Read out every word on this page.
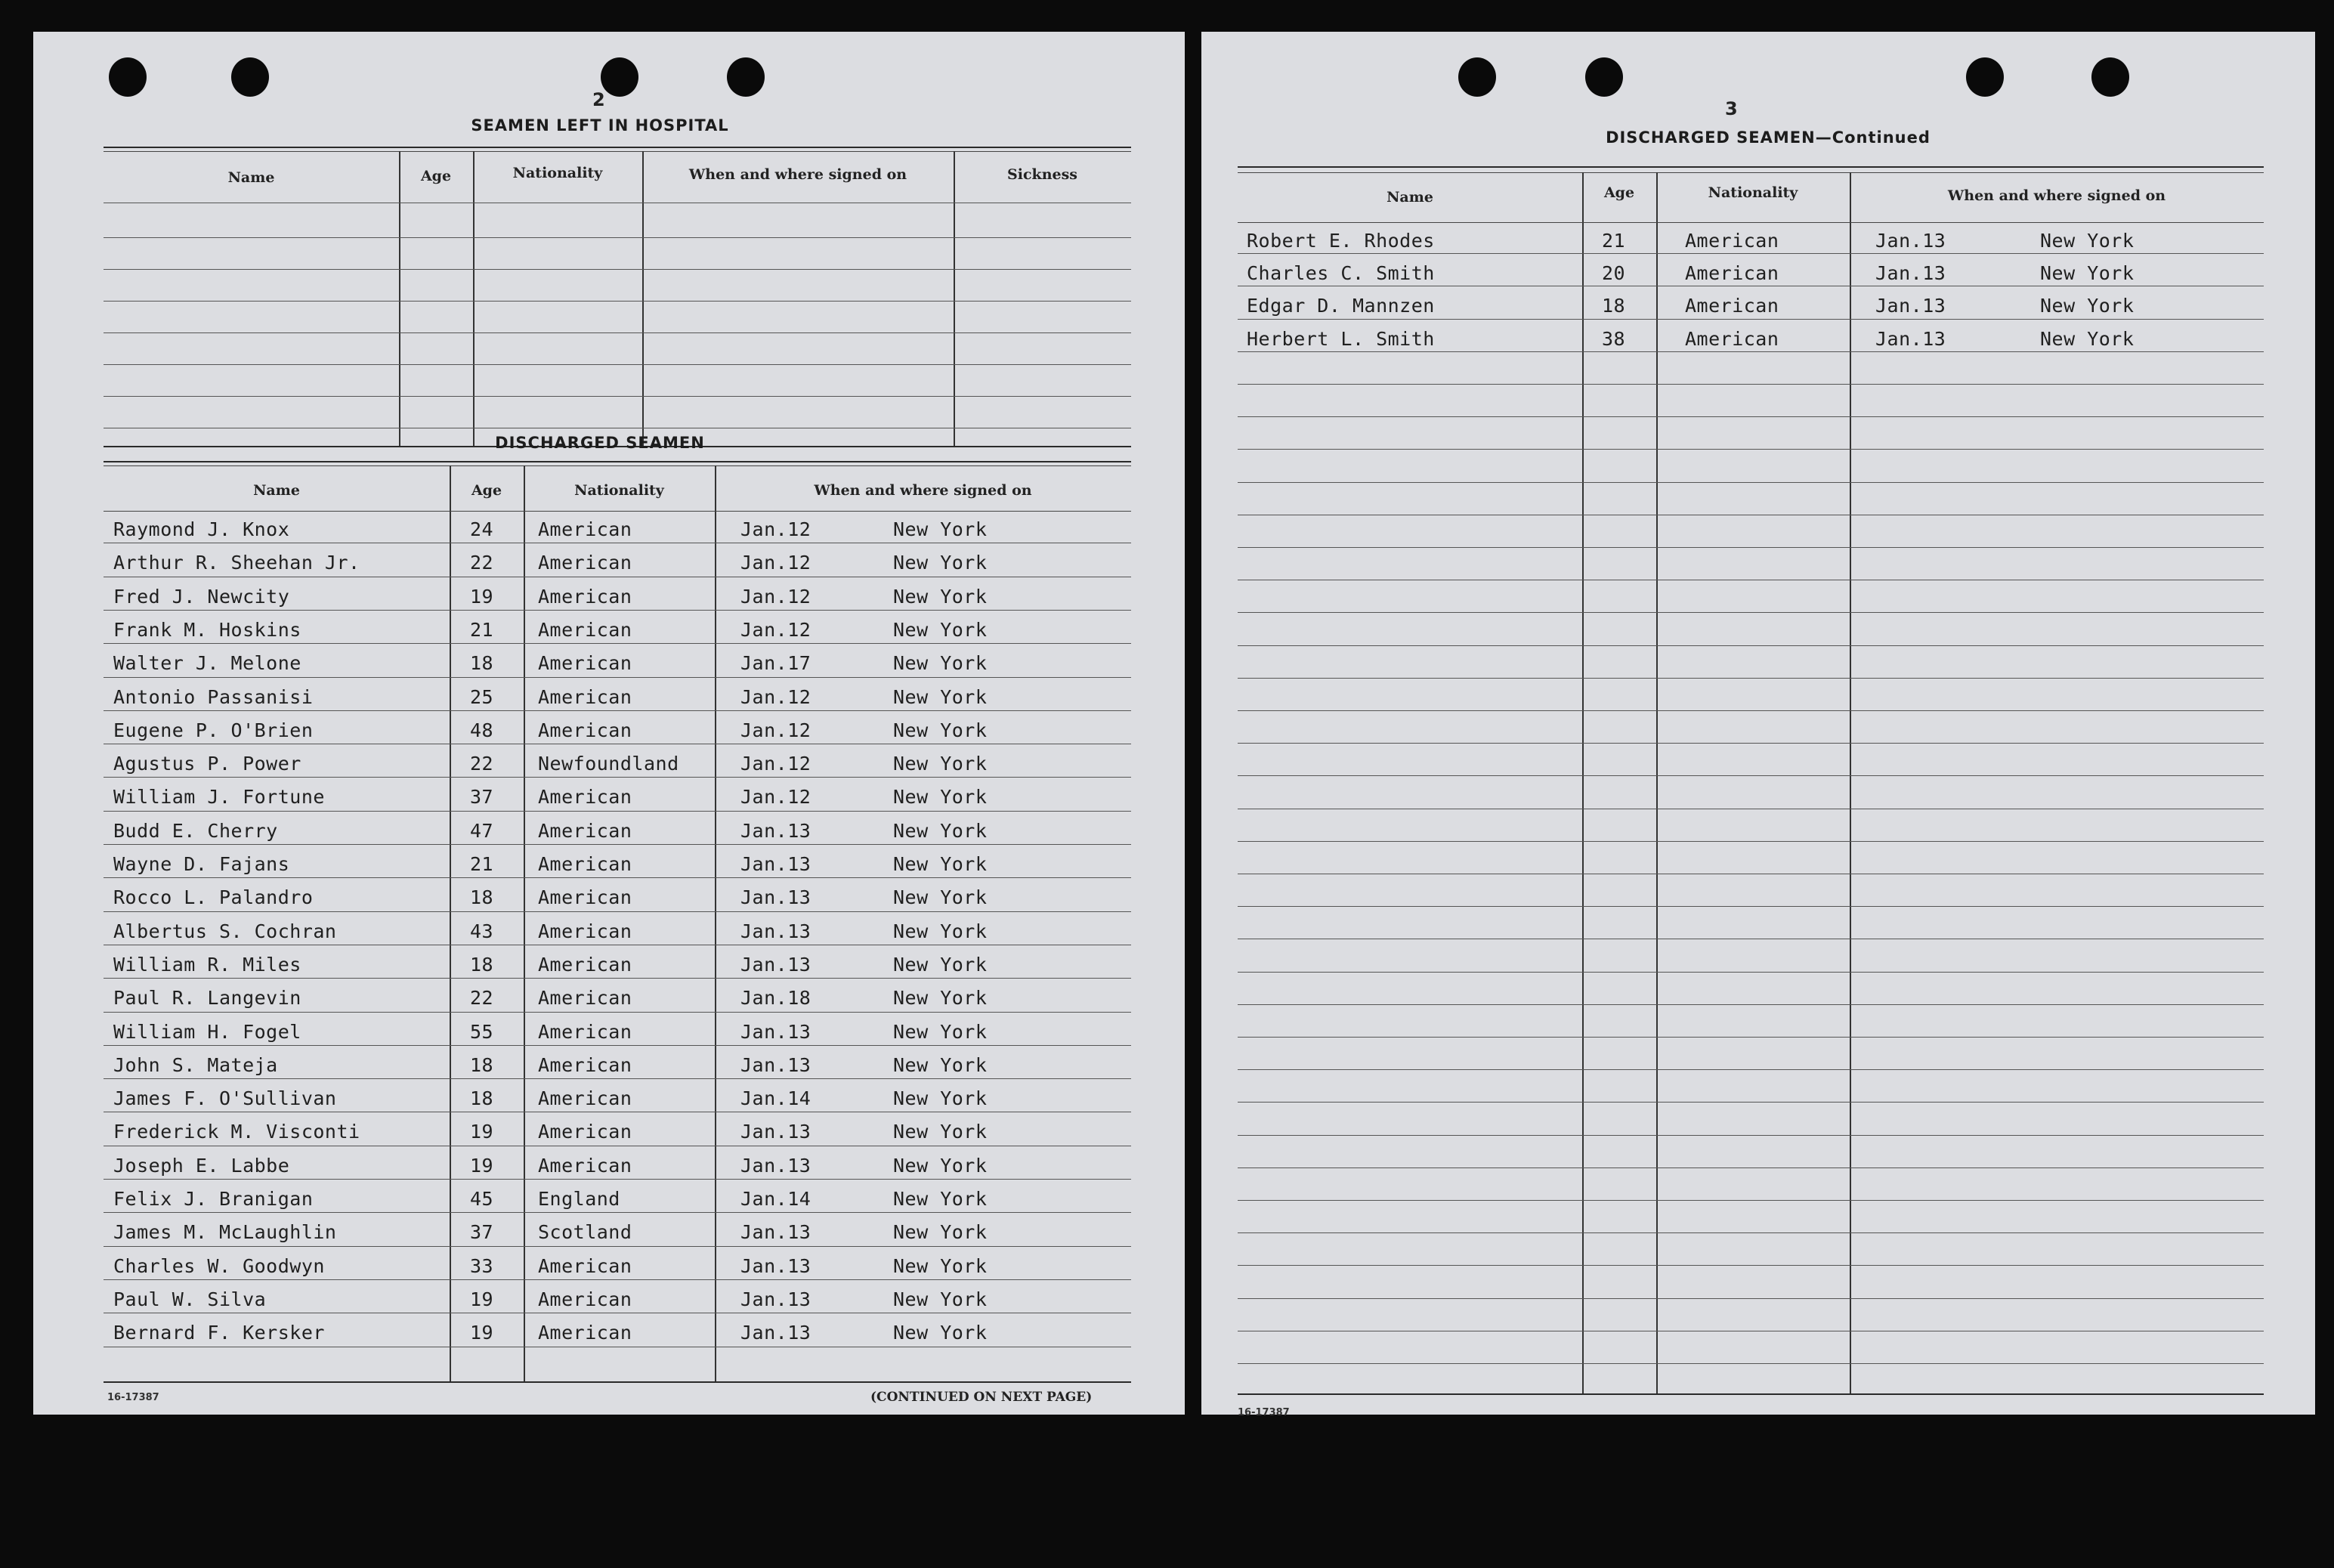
2
SEAMEN LEFT IN HOSPITAL
Name	Age	Nationality	When and where signed on	Sickness
DISCHARGED SEAMEN
Name	Age	Nationality	When and where signed on
Raymond J. Knox	24 American	Jan.12	New York
Arthur R. Sheehan Jr.	22 American	Jan.12	New York
Fred J. Newcity	19 American	Jan.12	New York
Frank M. Hoskins	21 American	Jan.12	New York
Walter J. Melone	18 American	Jan.17	New York
Antonio Passanisi	25 American	Jan.12	New York
Eugene P. O'Brien	48 American	Jan.12	New York
Agustus P. Power	22 Newfoundland	Jan.12	New York
William J. Fortune	37 American	Jan.12	New York
Budd E. Cherry	47 American	Jan.13	New York
Wayne D. Fajans	21 American	Jan.13	New York
Rocco L. Palandro	18 American	Jan.13	New York
Albertus S. Cochran	43 American	Jan.13	New York
William R. Miles	18 American	Jan.13	New York
Paul R. Langevin	22 American	Jan.18	New York
William H. Fogel	55 American	Jan.13	New York
John S. Mateja	18 American	Jan.13	New York
James F. O'Sullivan	18 American	Jan.14	New York
Frederick M. Visconti	19 American	Jan.13	New York
Joseph E. Labbe	19 American	Jan.13	New York
Felix J. Branigan	45 England	Jan.14	New York
James M. McLaughlin	37 Scotland	Jan.13	New York
Charles W. Goodwyn	33 American	Jan.13	New York
Paul W. Silva	19 American	Jan.13	New York
Bernard F. Kersker	19 American	Jan.13	New York
16-17387	(CONTINUED ON NEXT PAGE)
3
DISCHARGED SEAMEN—Continued
Name	Age	Nationality	When and where signed on
Robert E. Rhodes	21	American	Jan.13	New York
Charles C. Smith	20	American	Jan.13	New York
Edgar D. Mannzen	18	American	Jan.13	New York
Herbert L. Smith	38	American	Jan.13	New York
16-17387
